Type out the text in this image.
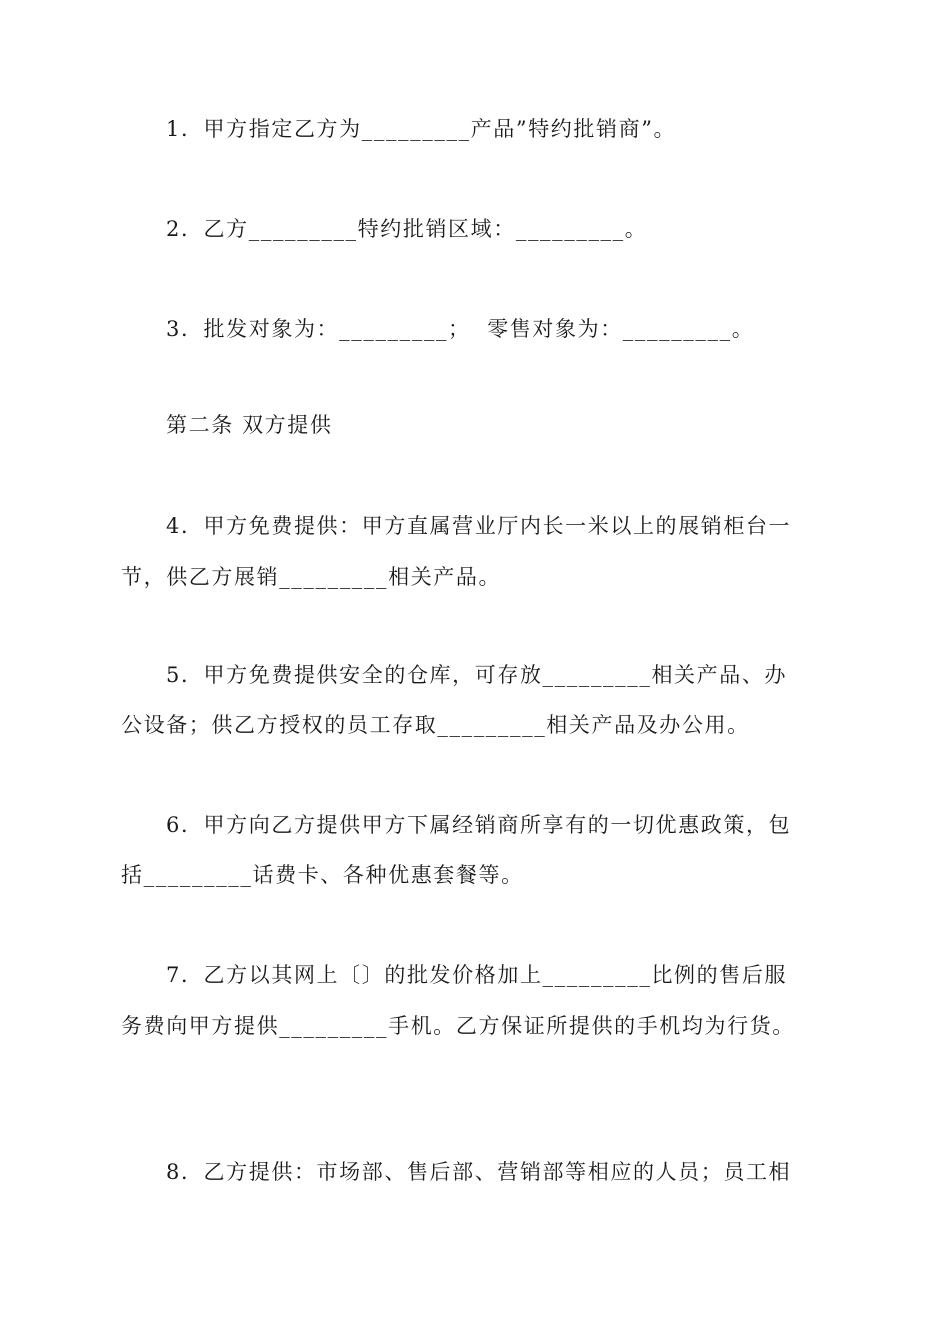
1．甲方指定乙方为_________产品”特约批销商”。
2．乙方_________特约批销区域：_________。
3．批发对象为：_________；  零售对象为：_________。
第二条 双方提供
4．甲方免费提供：甲方直属营业厅内长一米以上的展销柜台一
节，供乙方展销_________相关产品。
5．甲方免费提供安全的仓库，可存放_________相关产品、办
公设备；供乙方授权的员工存取_________相关产品及办公用。
6．甲方向乙方提供甲方下属经销商所享有的一切优惠政策，包
括_________话费卡、各种优惠套餐等。
7．乙方以其网上〔〕的批发价格加上_________比例的售后服
务费向甲方提供_________手机。乙方保证所提供的手机均为行货。
8．乙方提供：市场部、售后部、营销部等相应的人员；员工相
